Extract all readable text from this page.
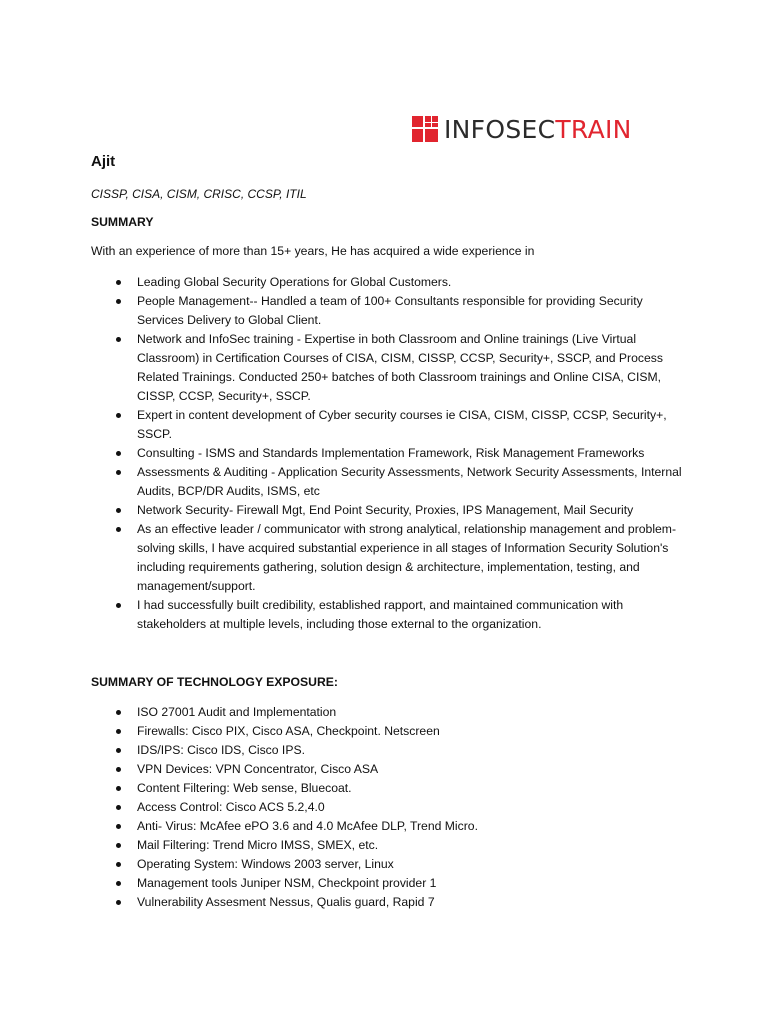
INFOSECTRAIN
Ajit
CISSP, CISA, CISM, CRISC, CCSP, ITIL
SUMMARY
With an experience of more than 15+ years, He has acquired a wide experience in
Leading Global Security Operations for Global Customers.
People Management-- Handled a team of 100+ Consultants responsible for providing Security Services Delivery to Global Client.
Network and InfoSec training - Expertise in both Classroom and Online trainings (Live Virtual Classroom) in Certification Courses of CISA, CISM, CISSP, CCSP, Security+, SSCP, and Process Related Trainings. Conducted 250+ batches of both Classroom trainings and Online CISA, CISM, CISSP, CCSP, Security+, SSCP.
Expert in content development of Cyber security courses ie CISA, CISM, CISSP, CCSP, Security+, SSCP.
Consulting - ISMS and Standards Implementation Framework, Risk Management Frameworks
Assessments & Auditing - Application Security Assessments, Network Security Assessments, Internal Audits, BCP/DR Audits, ISMS, etc
Network Security- Firewall Mgt, End Point Security, Proxies, IPS Management, Mail Security
As an effective leader / communicator with strong analytical, relationship management and problem-solving skills, I have acquired substantial experience in all stages of Information Security Solution's including requirements gathering, solution design & architecture, implementation, testing, and management/support.
I had successfully built credibility, established rapport, and maintained communication with stakeholders at multiple levels, including those external to the organization.
SUMMARY OF TECHNOLOGY EXPOSURE:
ISO 27001 Audit and Implementation
Firewalls: Cisco PIX, Cisco ASA, Checkpoint. Netscreen
IDS/IPS: Cisco IDS, Cisco IPS.
VPN Devices: VPN Concentrator, Cisco ASA
Content Filtering: Web sense, Bluecoat.
Access Control: Cisco ACS 5.2,4.0
Anti- Virus: McAfee ePO 3.6 and 4.0 McAfee DLP, Trend Micro.
Mail Filtering: Trend Micro IMSS, SMEX, etc.
Operating System: Windows 2003 server, Linux
Management tools Juniper NSM, Checkpoint provider 1
Vulnerability Assesment Nessus, Qualis guard, Rapid 7
